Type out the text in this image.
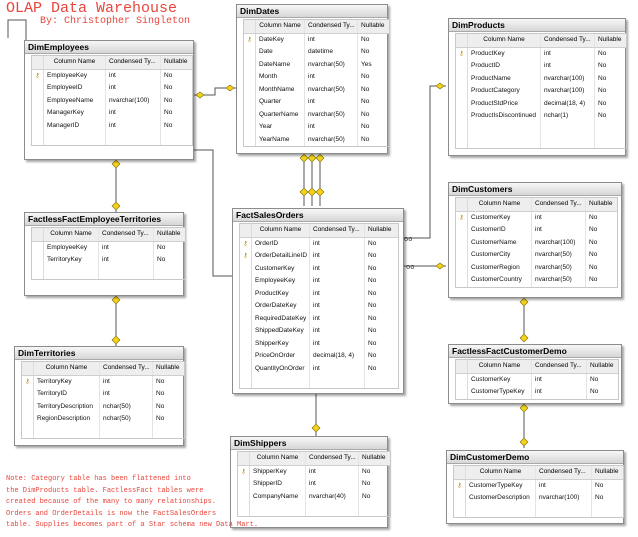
OLAP Data Warehouse
By: Christopher Singleton
oo
oo
DimEmployees
Column Name	Condensed Ty...	Nullable
⚷	EmployeeKey	int	No
EmployeeID	int	No
EmployeeName	nvarchar(100)	No
ManagerKey	int	No
ManagerID	int	No
DimDates
Column Name	Condensed Ty... Nullable
⚷	DateKey	int	No
Date	datetime	No
DateName	nvarchar(50)	Yes
Month	int	No
MonthName	nvarchar(50)	No
Quarter	int	No
QuarterName	nvarchar(50)	No
Year	int	No
YearName	nvarchar(50)	No
DimProducts
Column Name	Condensed Ty...	Nullable
⚷	ProductKey	int	No
ProductID	int	No
ProductName	nvarchar(100)	No
ProductCategory	nvarchar(100)	No
ProductStdPrice	decimal(18, 4)	No
ProductIsDiscontinued	nchar(1)	No
FactlessFactEmployeeTerritories
Column Name	Condensed Ty...	Nullable
EmployeeKey	int	No
TerritoryKey	int	No
FactSalesOrders
Column Name	Condensed Ty...	Nullable
⚷	OrderID	int	No
⚷	OrderDetailLineID int	No
CustomerKey	int	No
EmployeeKey	int	No
ProductKey	int	No
OrderDateKey	int	No
RequiredDateKey	int	No
ShippedDateKey	int	No
ShipperKey	int	No
PriceOnOrder	decimal(18, 4)	No
QuantityOnOrder	int	No
DimCustomers
Column Name	Condensed Ty...	Nullable
⚷	CustomerKey	int	No
CustomerID	int	No
CustomerName	nvarchar(100)	No
CustomerCity	nvarchar(50)	No
CustomerRegion	nvarchar(50)	No
CustomerCountry	nvarchar(50)	No
DimTerritories
Column Name	Condensed Ty... Nullable
⚷	TerritoryKey	int	No
TerritoryID	int	No
TerritoryDescription	nchar(50)	No
RegionDescription	nchar(50)	No
FactlessFactCustomerDemo
Column Name	Condensed Ty...	Nullable
CustomerKey	int	No
CustomerTypeKey	int	No
DimShippers
Column Name	Condensed Ty... Nullable
⚷	ShipperKey	int	No
ShipperID	int	No
CompanyName	nvarchar(40)	No
DimCustomerDemo
Column Name	Condensed Ty...	Nullable
⚷	CustomerTypeKey	int	No
CustomerDescription	nvarchar(100)	No
Note: Category table has been flattened into
the DimProducts table. FactlessFact tables were
created because of the many to many relationships.
Orders and OrderDetails is now the FactSalesOrders
table. Supplies becomes part of a Star schema new Data Mart.
